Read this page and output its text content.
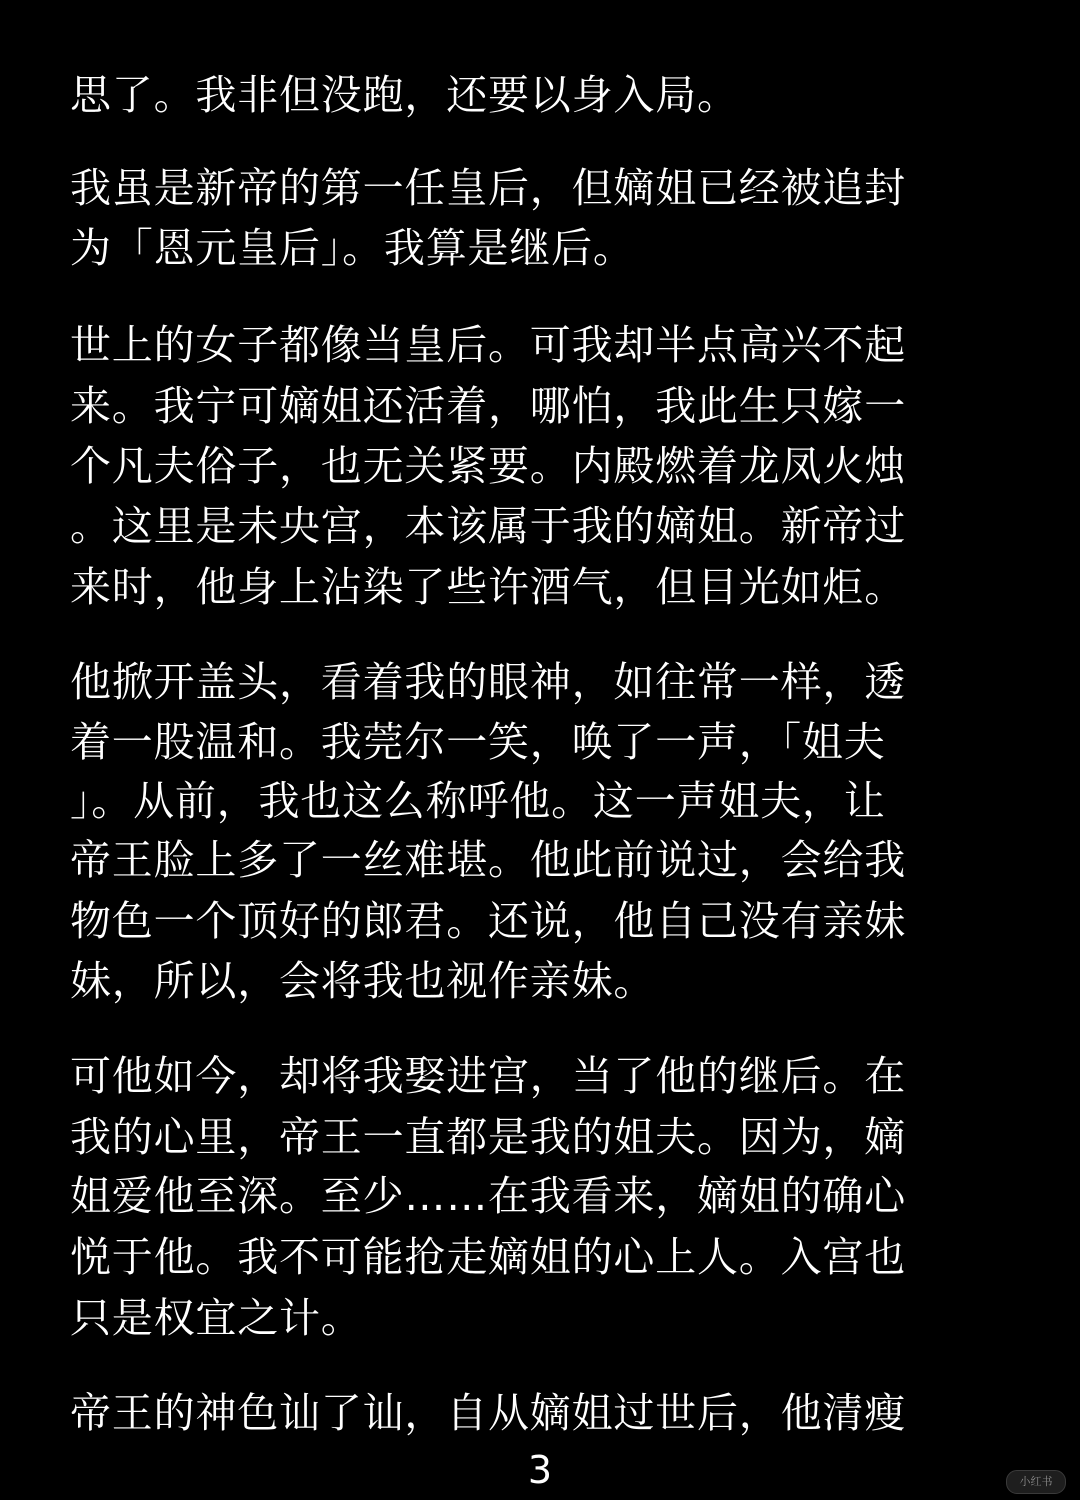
思了。我非但没跑，还要以身入局。
我虽是新帝的第一任皇后，但嫡姐已经被追封
为「恩元皇后」。我算是继后。
世上的女子都像当皇后。可我却半点高兴不起
来。我宁可嫡姐还活着，哪怕，我此生只嫁一
个凡夫俗子，也无关紧要。内殿燃着龙凤火烛
。这里是未央宫，本该属于我的嫡姐。新帝过
来时，他身上沾染了些许酒气，但目光如炬。
他掀开盖头，看着我的眼神，如往常一样，透
着一股温和。我莞尔一笑，唤了一声，「姐夫
」。从前，我也这么称呼他。这一声姐夫，让
帝王脸上多了一丝难堪。他此前说过，会给我
物色一个顶好的郎君。还说，他自己没有亲妹
妹，所以，会将我也视作亲妹。
可他如今，却将我娶进宫，当了他的继后。在
我的心里，帝王一直都是我的姐夫。因为，嫡
姐爱他至深。至少……在我看来，嫡姐的确心
悦于他。我不可能抢走嫡姐的心上人。入宫也
只是权宜之计。
帝王的神色讪了讪，自从嫡姐过世后，他清瘦
3	小红书
